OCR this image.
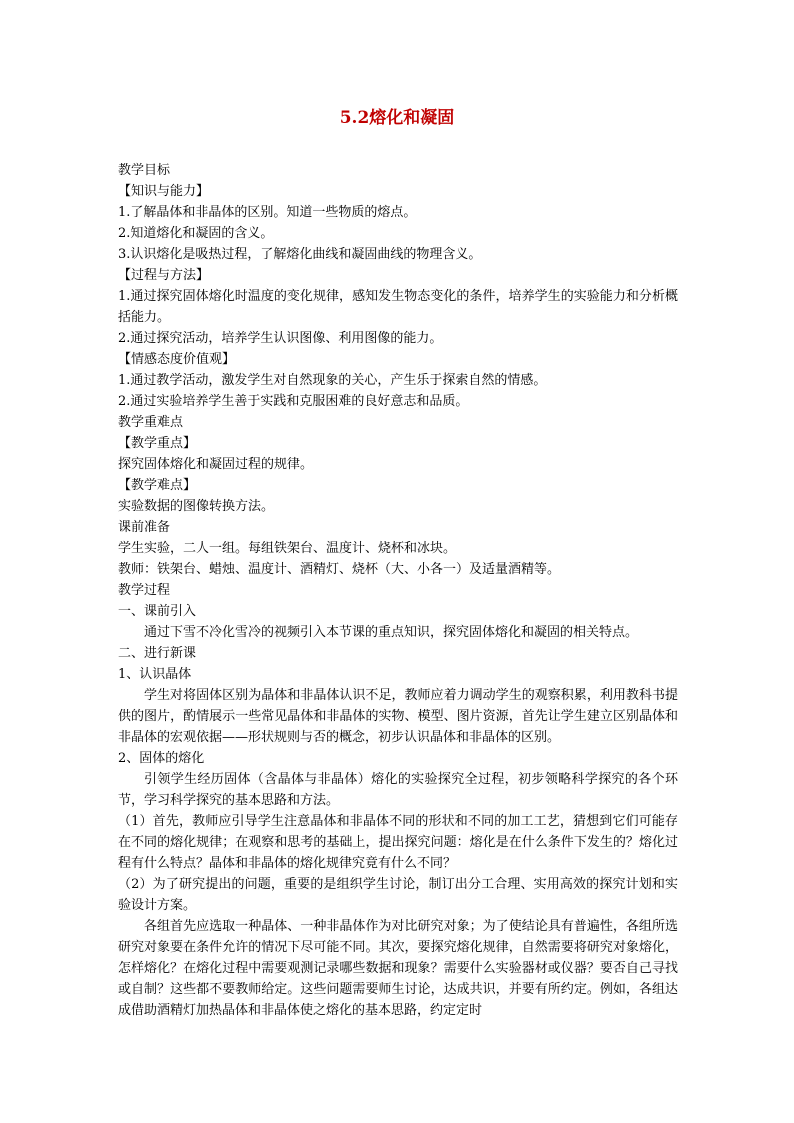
5.2熔化和凝固

教学目标

【知识与能力】

1.了解晶体和非晶体的区别。知道一些物质的熔点。

2.知道熔化和凝固的含义。

3.认识熔化是吸热过程，了解熔化曲线和凝固曲线的物理含义。

【过程与方法】

1.通过探究固体熔化时温度的变化规律，感知发生物态变化的条件，培养学生的实验能力和分析概括能力。

2.通过探究活动，培养学生认识图像、利用图像的能力。

【情感态度价值观】

1.通过教学活动，激发学生对自然现象的关心，产生乐于探索自然的情感。

2.通过实验培养学生善于实践和克服困难的良好意志和品质。

教学重难点

【教学重点】

探究固体熔化和凝固过程的规律。

【教学难点】

实验数据的图像转换方法。

课前准备

学生实验，二人一组。每组铁架台、温度计、烧杯和冰块。

教师：铁架台、蜡烛、温度计、酒精灯、烧杯（大、小各一）及适量酒精等。

教学过程

一、课前引入

通过下雪不冷化雪冷的视频引入本节课的重点知识，探究固体熔化和凝固的相关特点。

二、进行新课

1、认识晶体

学生对将固体区别为晶体和非晶体认识不足，教师应着力调动学生的观察积累，利用教科书提供的图片，酌情展示一些常见晶体和非晶体的实物、模型、图片资源，首先让学生建立区别晶体和非晶体的宏观依据——形状规则与否的概念，初步认识晶体和非晶体的区别。

2、固体的熔化

引领学生经历固体（含晶体与非晶体）熔化的实验探究全过程，初步领略科学探究的各个环节，学习科学探究的基本思路和方法。

（1）首先，教师应引导学生注意晶体和非晶体不同的形状和不同的加工工艺，猜想到它们可能存在不同的熔化规律；在观察和思考的基础上，提出探究问题：熔化是在什么条件下发生的？熔化过程有什么特点？晶体和非晶体的熔化规律究竟有什么不同？

（2）为了研究提出的问题，重要的是组织学生讨论，制订出分工合理、实用高效的探究计划和实验设计方案。

各组首先应选取一种晶体、一种非晶体作为对比研究对象；为了使结论具有普遍性，各组所选研究对象要在条件允许的情况下尽可能不同。其次，要探究熔化规律，自然需要将研究对象熔化，怎样熔化？在熔化过程中需要观测记录哪些数据和现象？需要什么实验器材或仪器？要否自己寻找或自制？这些都不要教师给定。这些问题需要师生讨论，达成共识，并要有所约定。例如，各组达成借助酒精灯加热晶体和非晶体使之熔化的基本思路，约定定时
